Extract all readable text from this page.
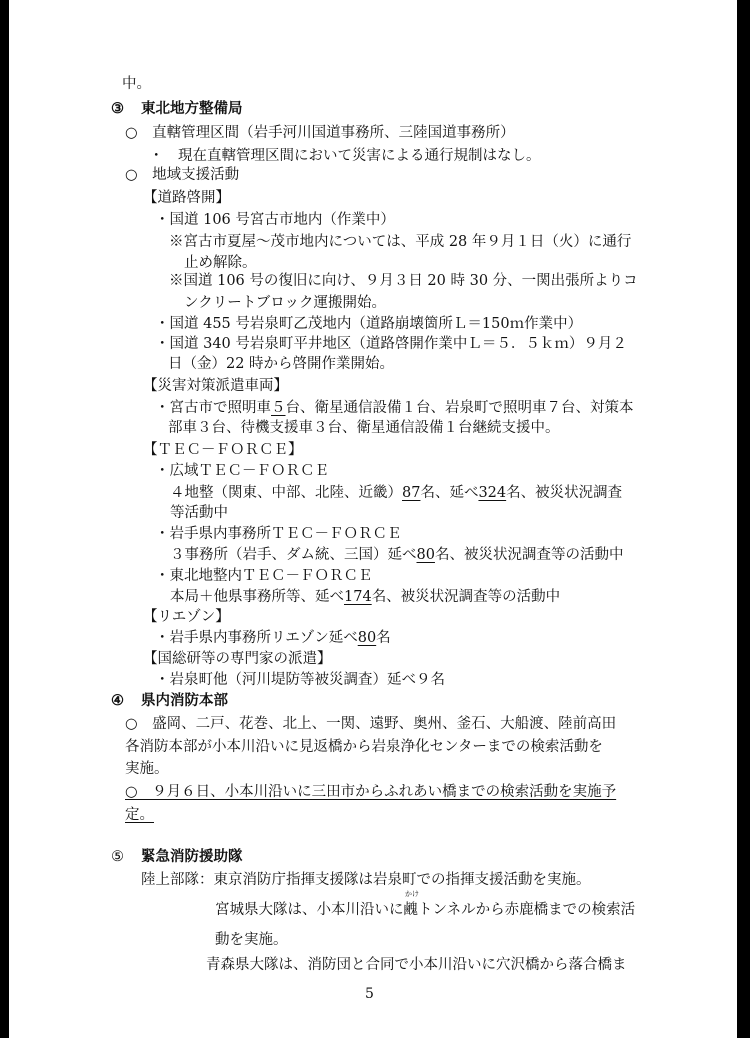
中。
③ 東北地方整備局
○　直轄管理区間（岩手河川国道事務所、三陸国道事務所）
・　現在直轄管理区間において災害による通行規制はなし。
○　地域支援活動
【道路啓開】
・国道 106 号宮古市地内（作業中）
※宮古市夏屋～茂市地内については、平成 28 年９月１日（火）に通行
止め解除。
※国道 106 号の復旧に向け、９月３日 20 時 30 分、一関出張所よりコ
ンクリートブロック運搬開始。
・国道 455 号岩泉町乙茂地内（道路崩壊箇所Ｌ＝150ｍ作業中）
・国道 340 号岩泉町平井地区（道路啓開作業中Ｌ＝５．５ｋｍ）９月２
日（金）22 時から啓開作業開始。
【災害対策派遣車両】
・宮古市で照明車５台、衛星通信設備１台、岩泉町で照明車７台、対策本
部車３台、待機支援車３台、衛星通信設備１台継続支援中。
【ＴＥＣ－ＦＯＲＣＥ】
・広域ＴＥＣ－ＦＯＲＣＥ
４地整（関東、中部、北陸、近畿）87名、延べ324名、被災状況調査
等活動中
・岩手県内事務所ＴＥＣ－ＦＯＲＣＥ
３事務所（岩手、ダム統、三国）延べ80名、被災状況調査等の活動中
・東北地整内ＴＥＣ－ＦＯＲＣＥ
本局＋他県事務所等、延べ174名、被災状況調査等の活動中
【リエゾン】
・岩手県内事務所リエゾン延べ80名
【国総研等の専門家の派遣】
・岩泉町他（河川堤防等被災調査）延べ９名
④ 県内消防本部
○　盛岡、二戸、花巻、北上、一関、遠野、奥州、釜石、大船渡、陸前高田
各消防本部が小本川沿いに見返橋から岩泉浄化センターまでの検索活動を
実施。
○　９月６日、小本川沿いに三田市からふれあい橋までの検索活動を実施予
定。
⑤ 緊急消防援助隊
陸上部隊：東京消防庁指揮支援隊は岩泉町での指揮支援活動を実施。
かけ
宮城県大隊は、小本川沿いに䴜トンネルから赤鹿橋までの検索活
動を実施。
青森県大隊は、消防団と合同で小本川沿いに穴沢橋から落合橋ま
5
